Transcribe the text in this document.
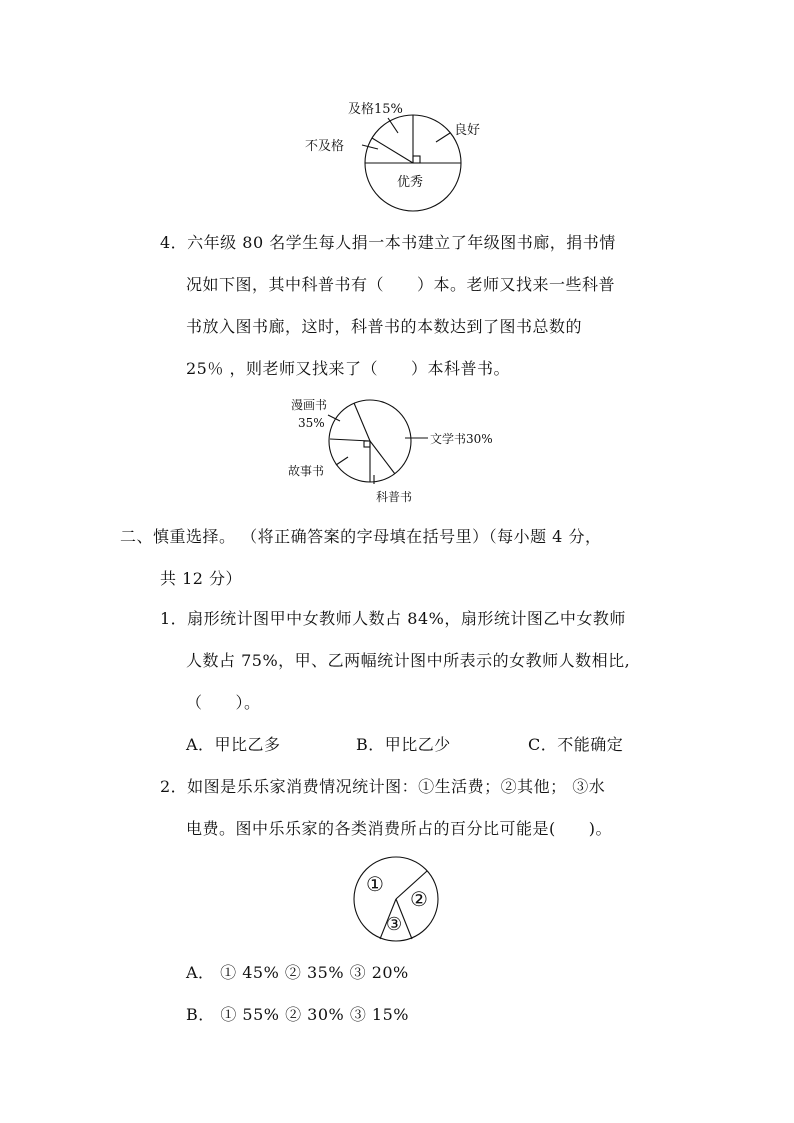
及格15%
良好
不及格
优秀
4．六年级 80 名学生每人捐一本书建立了年级图书廊，捐书情
况如下图，其中科普书有（　　）本。老师又找来一些科普
书放入图书廊，这时，科普书的本数达到了图书总数的
25％ ，则老师又找来了（　　）本科普书。
漫画书
35%
文学书30%
故事书
科普书
二、慎重选择。 （将正确答案的字母填在括号里）（每小题 4 分，
共 12 分）
1．扇形统计图甲中女教师人数占 84%，扇形统计图乙中女教师
人数占 75%，甲、乙两幅统计图中所表示的女教师人数相比,
（　　）。
A．甲比乙多	B．甲比乙少	C．不能确定
2．如图是乐乐家消费情况统计图：①生活费；②其他； ③水
电费。图中乐乐家的各类消费所占的百分比可能是(　　)。
①
②
③
A． ① 45% ② 35% ③ 20%
B． ① 55% ② 30% ③ 15%
